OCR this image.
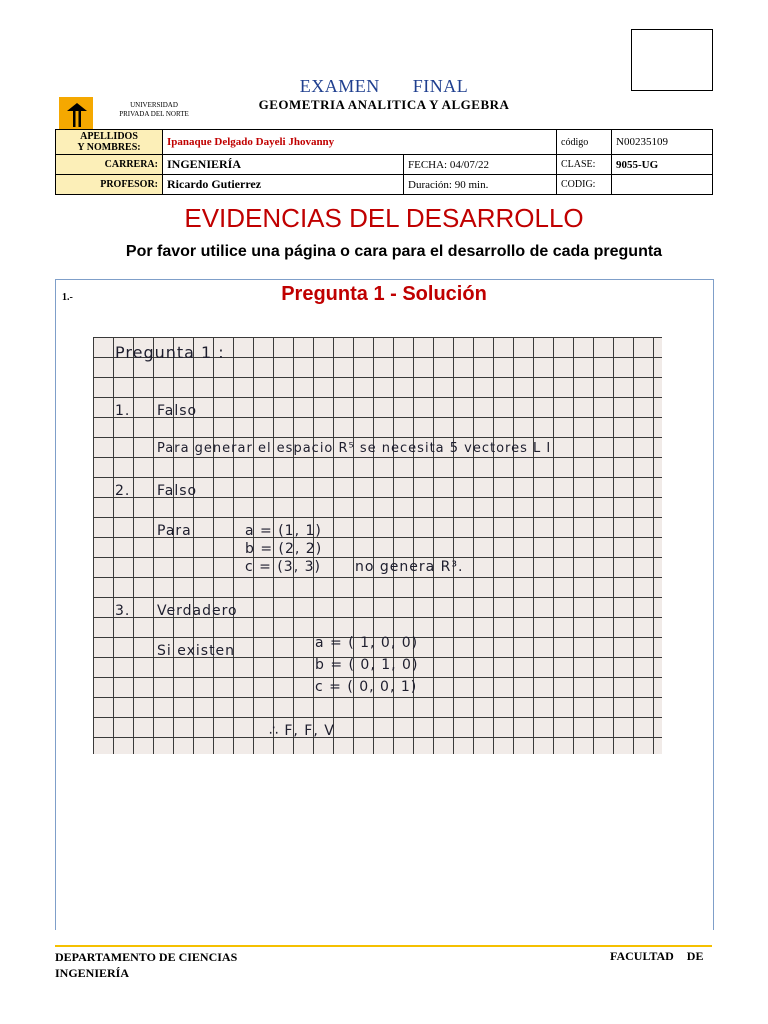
EXAMEN   FINAL
GEOMETRIA ANALITICA Y ALGEBRA
UNIVERSIDAD
PRIVADA DEL NORTE
APELLIDOS
Y NOMBRES:	Ipanaque Delgado Dayeli Jhovanny		código	N00235109
CARRERA:	INGENIERÍA	FECHA: 04/07/22	CLASE:	9055-UG
PROFESOR:	Ricardo Gutierrez	Duración: 90 min.	CODIG:	
EVIDENCIAS DEL DESARROLLO
Por favor utilice una página o cara para el desarrollo de cada pregunta
1.-	Pregunta 1 - Solución
Pregunta 1 :
1. Falso
Para generar el espacio R⁵ se necesita 5 vectores L I
2. Falso
Para	a = (1, 1)
b = (2, 2)
c = (3, 3) no genera R³.
3. Verdadero
Si existen	a = ( 1, 0, 0)
b = ( 0, 1, 0)
c = ( 0, 0, 1)
∴ F, F, V
DEPARTAMENTO DE CIENCIAS
INGENIERÍA
FACULTAD DE
